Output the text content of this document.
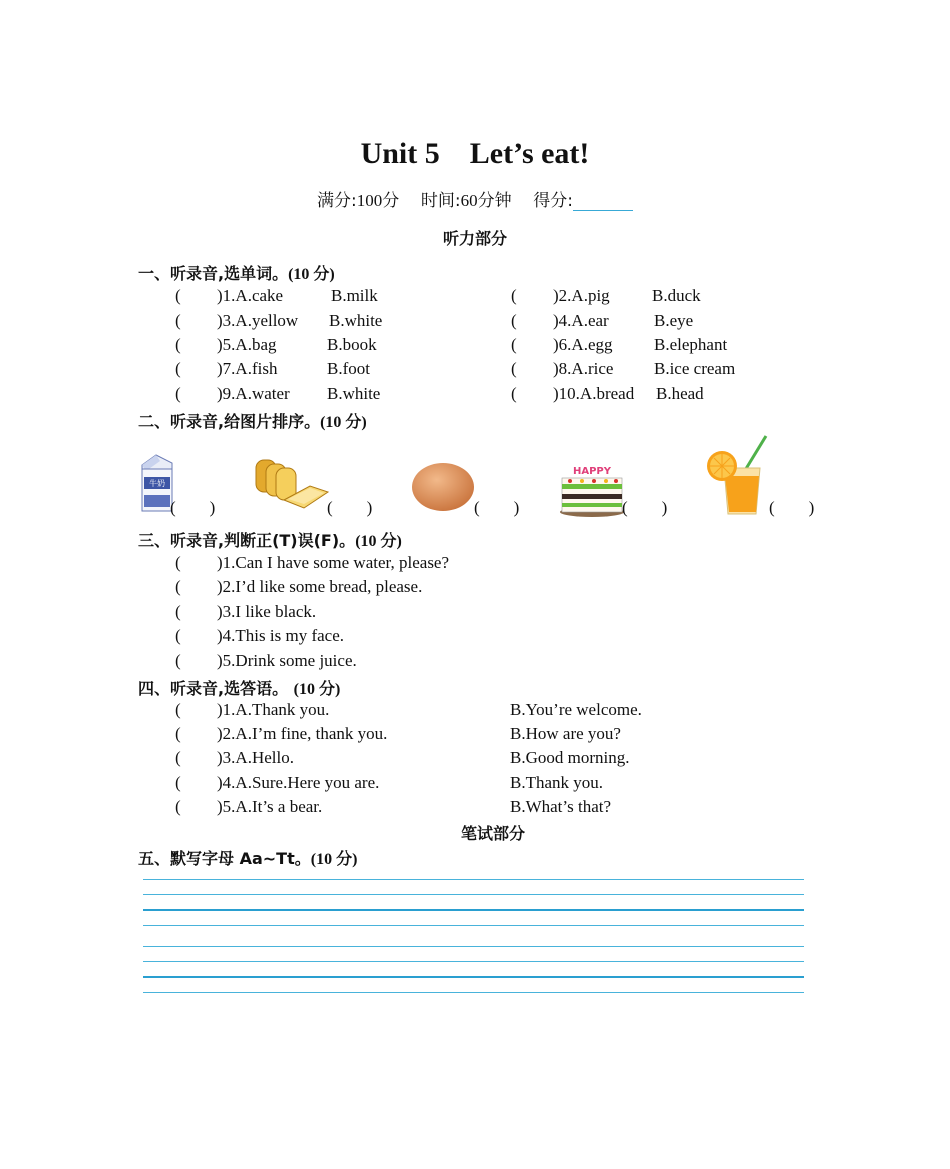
Unit 5　Let’s eat!
满分:100分 时间:60分钟 得分:
听力部分
一、听录音,选单词。(10 分)
( )1.A.cake	B.milk
( )3.A.yellow B.white
( )5.A.bag	B.book
( )7.A.fish	B.foot
( )9.A.water B.white
( )2.A.pig B.duck
( )4.A.ear	B.eye
( )6.A.egg B.elephant
( )8.A.rice B.ice cream
( )10.A.bread B.head
二、听录音,给图片排序。(10 分)
牛奶
( )	( )	( )
HAPPY
( )	( )
三、听录音,判断正(T)误(F)。(10 分)
( )1.Can I have some water, please?
( )2.I’d like some bread, please.
( )3.I like black.
( )4.This is my face.
( )5.Drink some juice.
四、听录音,选答语。 (10 分)
( )1.A.Thank you.	B.You’re welcome.
( )2.A.I’m fine, thank you.	B.How are you?
( )3.A.Hello.	B.Good morning.
( )4.A.Sure.Here you are.	B.Thank you.
( )5.A.It’s a bear.	B.What’s that?
笔试部分
五、默写字母 Aa~Tt。(10 分)
